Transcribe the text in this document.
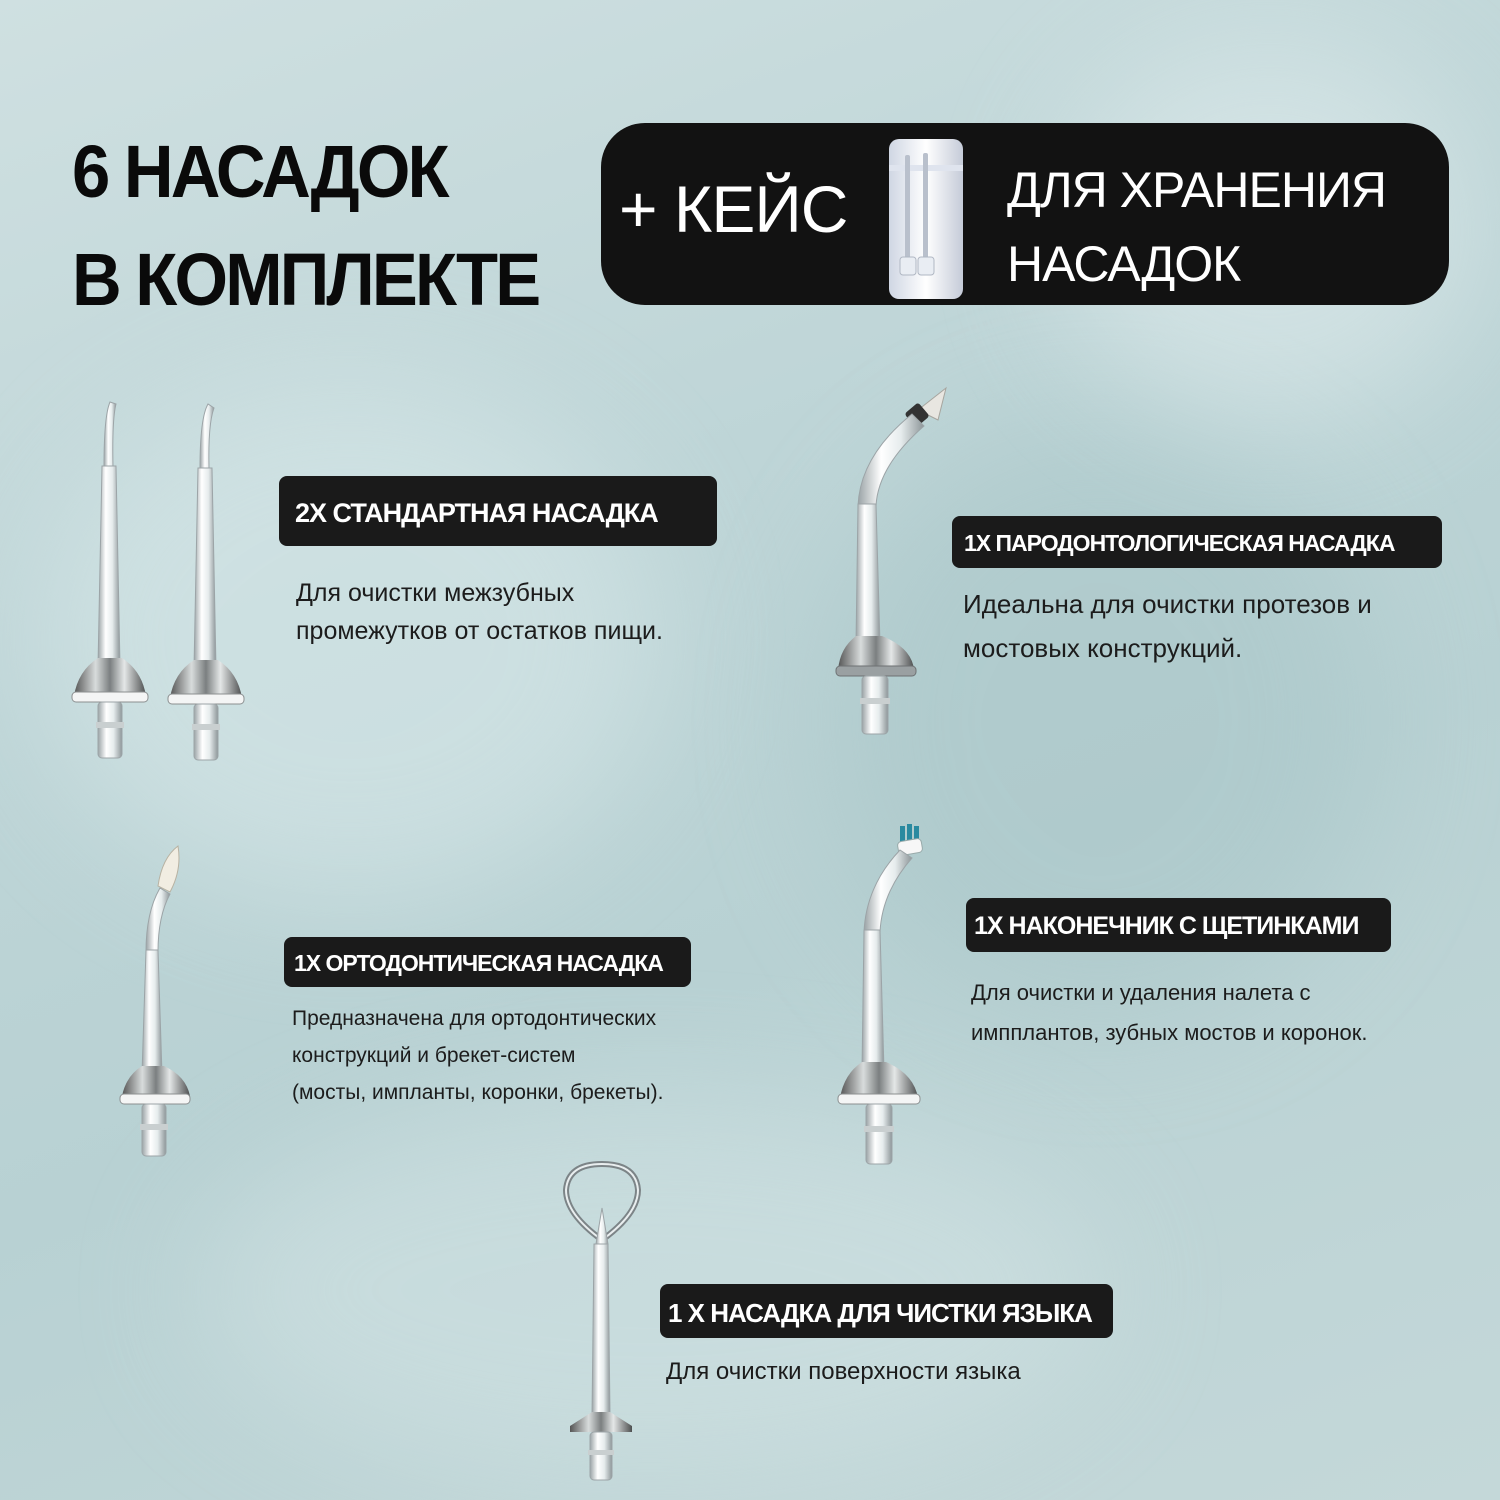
6 НАСАДОК
В КОМПЛЕКТЕ
+ КЕЙС	ДЛЯ ХРАНЕНИЯ
НАСАДОК
2X СТАНДАРТНАЯ НАСАДКА
Для очистки межзубных
промежутков от остатков пищи.
1X ПАРОДОНТОЛОГИЧЕСКАЯ НАСАДКА
Идеальна для очистки протезов и
мостовых конструкций.
1X ОРТОДОНТИЧЕСКАЯ НАСАДКА
Предназначена для ортодонтических
конструкций и брекет-систем
(мосты, импланты, коронки, брекеты).
1X НАКОНЕЧНИК С ЩЕТИНКАМИ
Для очистки и удаления налета с
импплантов, зубных мостов и коронок.
1 X НАСАДКА ДЛЯ ЧИСТКИ ЯЗЫКА
Для очистки поверхности языка
